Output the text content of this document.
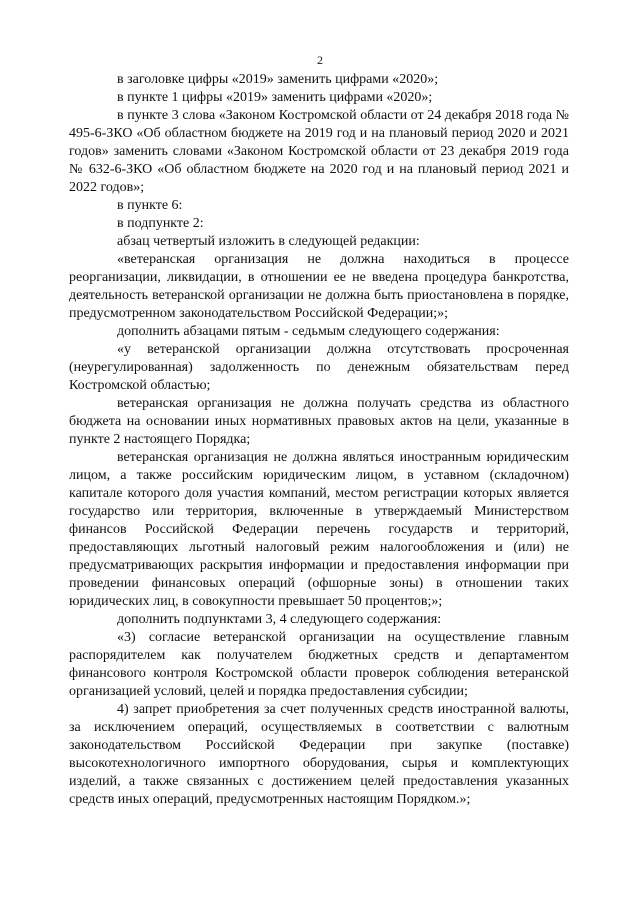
2

в заголовке цифры «2019» заменить цифрами «2020»;

в пункте 1 цифры «2019» заменить цифрами «2020»;

в пункте 3 слова «Законом Костромской области от 24 декабря 2018 года № 495-6-ЗКО «Об областном бюджете на 2019 год и на плановый период 2020 и 2021 годов» заменить словами «Законом Костромской области от 23 декабря 2019 года № 632-6-ЗКО «Об областном бюджете на 2020 год и на плановый период 2021 и 2022 годов»;

в пункте 6:

в подпункте 2:

абзац четвертый изложить в следующей редакции:

«ветеранская организация не должна находиться в процессе реорганизации, ликвидации, в отношении ее не введена процедура банкротства, деятельность ветеранской организации не должна быть приостановлена в порядке, предусмотренном законодательством Российской Федерации;»;

дополнить абзацами пятым - седьмым следующего содержания:

«у ветеранской организации должна отсутствовать просроченная (неурегулированная) задолженность по денежным обязательствам перед Костромской областью;

ветеранская организация не должна получать средства из областного бюджета на основании иных нормативных правовых актов на цели, указанные в пункте 2 настоящего Порядка;

ветеранская организация не должна являться иностранным юридическим лицом, а также российским юридическим лицом, в уставном (складочном) капитале которого доля участия компаний, местом регистрации которых является государство или территория, включенные в утверждаемый Министерством финансов Российской Федерации перечень государств и территорий, предоставляющих льготный налоговый режим налогообложения и (или) не предусматривающих раскрытия информации и предоставления информации при проведении финансовых операций (офшорные зоны) в отношении таких юридических лиц, в совокупности превышает 50 процентов;»;

дополнить подпунктами 3, 4 следующего содержания:

«3) согласие ветеранской организации на осуществление главным распорядителем как получателем бюджетных средств и департаментом финансового контроля Костромской области проверок соблюдения ветеранской организацией условий, целей и порядка предоставления субсидии;

4) запрет приобретения за счет полученных средств иностранной валюты, за исключением операций, осуществляемых в соответствии с валютным законодательством Российской Федерации при закупке (поставке) высокотехнологичного импортного оборудования, сырья и комплектующих изделий, а также связанных с достижением целей предоставления указанных средств иных операций, предусмотренных настоящим Порядком.»;
